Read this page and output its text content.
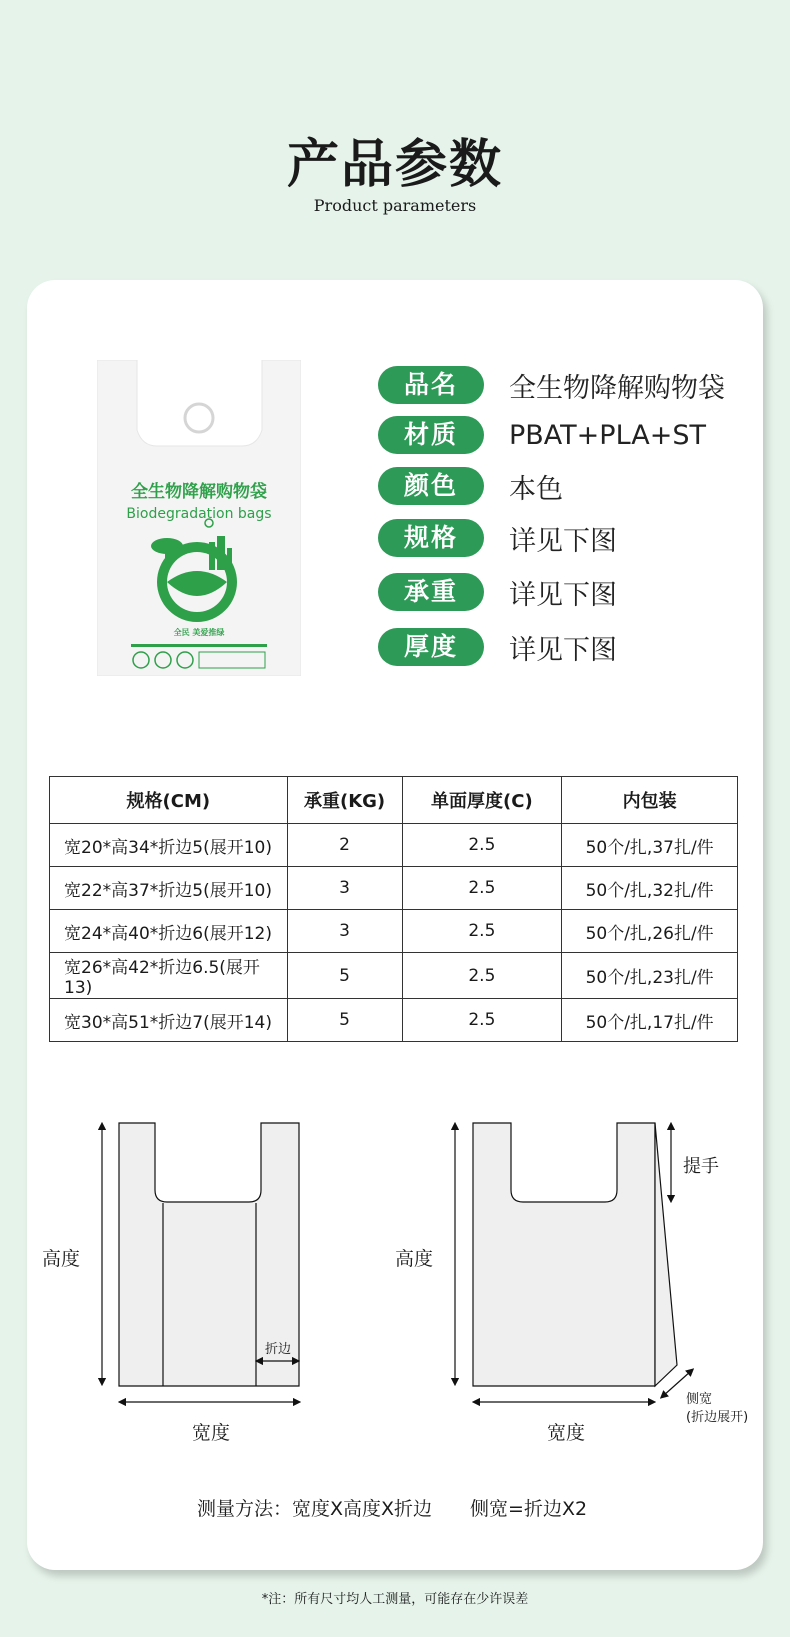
产品参数
Product parameters
全生物降解购物袋
Biodegradation bags
全民 美爱推绿
品名	全生物降解购物袋
材质	PBAT+PLA+ST
颜色	本色
规格	详见下图
承重	详见下图
厚度	详见下图
规格(CM)	承重(KG)	单面厚度(C)	内包装
宽20*高34*折边5(展开10)	2	2.5	50个/扎,37扎/件
宽22*高37*折边5(展开10)	3	2.5	50个/扎,32扎/件
宽24*高40*折边6(展开12)	3	2.5	50个/扎,26扎/件
宽26*高42*折边6.5(展开13)	5	2.5	50个/扎,23扎/件
宽30*高51*折边7(展开14)	5	2.5	50个/扎,17扎/件
高度
宽度
折边
高度
宽度
提手
侧宽
(折边展开)
测量方法：宽度X高度X折边 侧宽=折边X2
*注：所有尺寸均人工测量，可能存在少许误差
